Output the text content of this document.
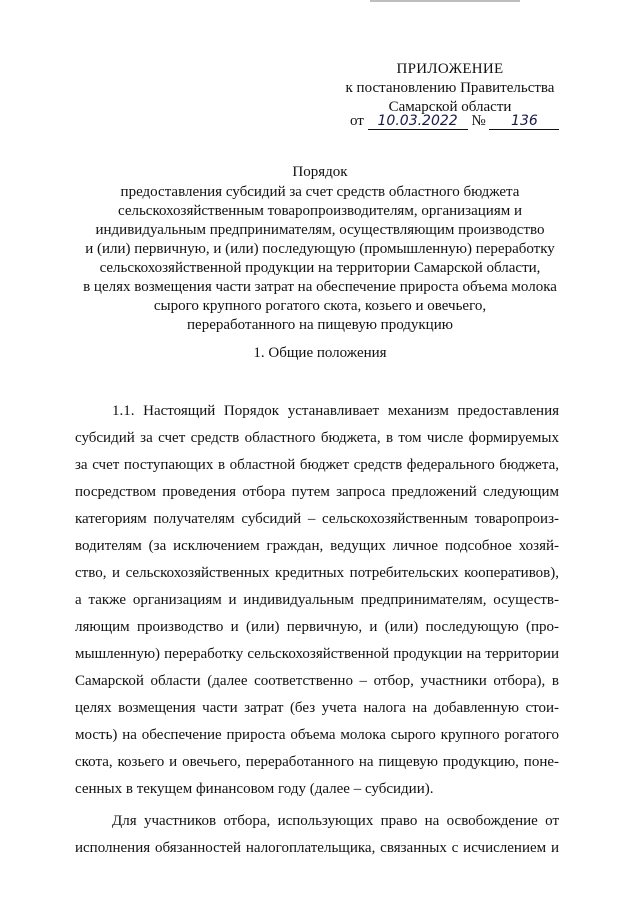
ПРИЛОЖЕНИЕ
к постановлению Правительства
Самарской области
от 10.03.2022 № 136
Порядок
предоставления субсидий за счет средств областного бюджета
сельскохозяйственным товаропроизводителям, организациям и
индивидуальным предпринимателям, осуществляющим производство
и (или) первичную, и (или) последующую (промышленную) переработку
сельскохозяйственной продукции на территории Самарской области,
в целях возмещения части затрат на обеспечение прироста объема молока
сырого крупного рогатого скота, козьего и овечьего,
переработанного на пищевую продукцию
1. Общие положения
1.1. Настоящий Порядок устанавливает механизм предоставления
субсидий за счет средств областного бюджета, в том числе формируемых
за счет поступающих в областной бюджет средств федерального бюджета,
посредством проведения отбора путем запроса предложений следующим
категориям получателям субсидий – сельскохозяйственным товаропроиз-
водителям (за исключением граждан, ведущих личное подсобное хозяй-
ство, и сельскохозяйственных кредитных потребительских кооперативов),
а также организациям и индивидуальным предпринимателям, осуществ-
ляющим производство и (или) первичную, и (или) последующую (про-
мышленную) переработку сельскохозяйственной продукции на территории
Самарской области (далее соответственно – отбор, участники отбора), в
целях возмещения части затрат (без учета налога на добавленную стои-
мость) на обеспечение прироста объема молока сырого крупного рогатого
скота, козьего и овечьего, переработанного на пищевую продукцию, поне-
сенных в текущем финансовом году (далее – субсидии).
Для участников отбора, использующих право на освобождение от
исполнения обязанностей налогоплательщика, связанных с исчислением и
